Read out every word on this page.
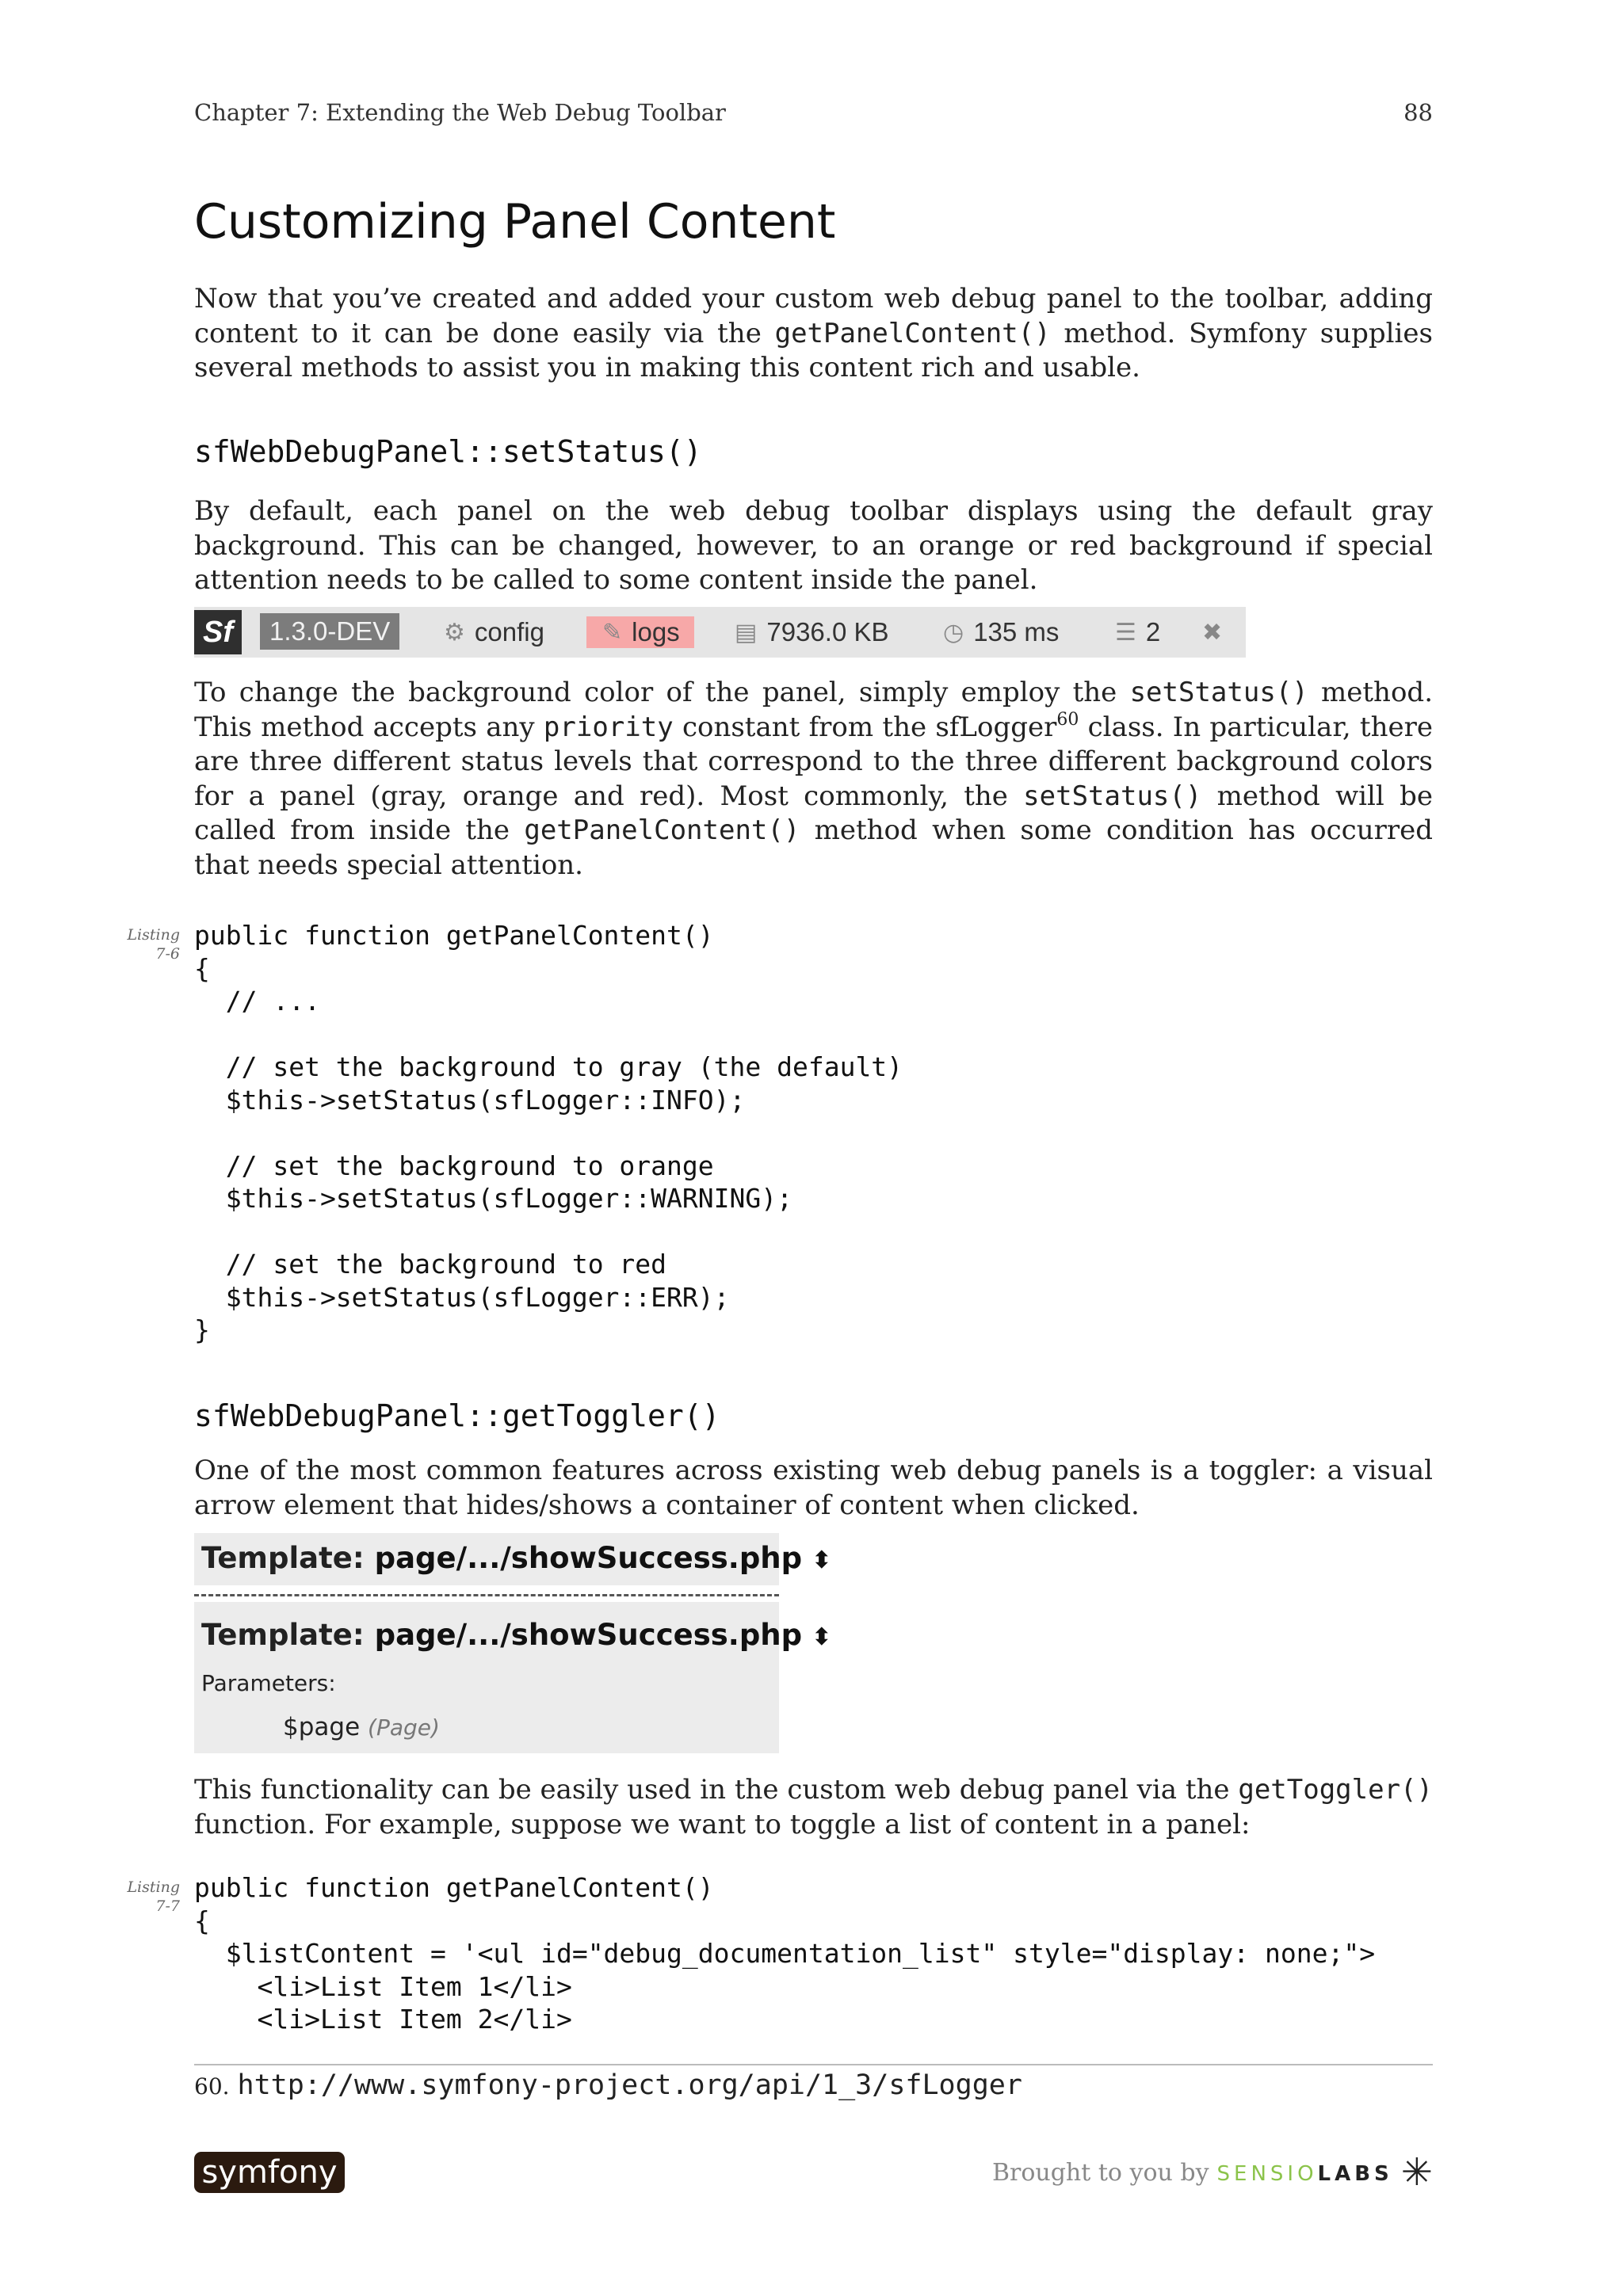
Chapter 7: Extending the Web Debug Toolbar	88
Customizing Panel Content

Now that you’ve created and added your custom web debug panel to the toolbar, adding content to it can be done easily via the getPanelContent() method. Symfony supplies several methods to assist you in making this content rich and usable.

sfWebDebugPanel::setStatus()

By default, each panel on the web debug toolbar displays using the default gray background. This can be changed, however, to an orange or red background if special attention needs to be called to some content inside the panel.

Sf	1.3.0-DEV	⚙ config ✎ logs ▤ 7936.0 KB ◷ 135 ms ☰ 2 ✖

To change the background color of the panel, simply employ the setStatus() method. This method accepts any priority constant from the sfLogger$^{60}$ class. In particular, there are three different status levels that correspond to the three different background colors for a panel (gray, orange and red). Most commonly, the setStatus() method will be called from inside the getPanelContent() method when some condition has occurred that needs special attention.

Listing
7-6
public function getPanelContent()
{
// ...

// set the background to gray (the default)
$this->setStatus(sfLogger::INFO);

// set the background to orange
$this->setStatus(sfLogger::WARNING);

// set the background to red
$this->setStatus(sfLogger::ERR);
}
sfWebDebugPanel::getToggler()

One of the most common features across existing web debug panels is a toggler: a visual arrow element that hides/shows a container of content when clicked.

Template: page/.../showSuccess.php ⬍
Template: page/.../showSuccess.php ⬍
Parameters:
$page (Page)

This functionality can be easily used in the custom web debug panel via the getToggler() function. For example, suppose we want to toggle a list of content in a panel:

Listing
7-7
public function getPanelContent()
{
$listContent = '<ul id="debug_documentation_list" style="display: none;">
<li>List Item 1</li>
<li>List Item 2</li>
60. http://www.symfony-project.org/api/1_3/sfLogger
symfony	Brought to you by SENSIOLABS ✳
